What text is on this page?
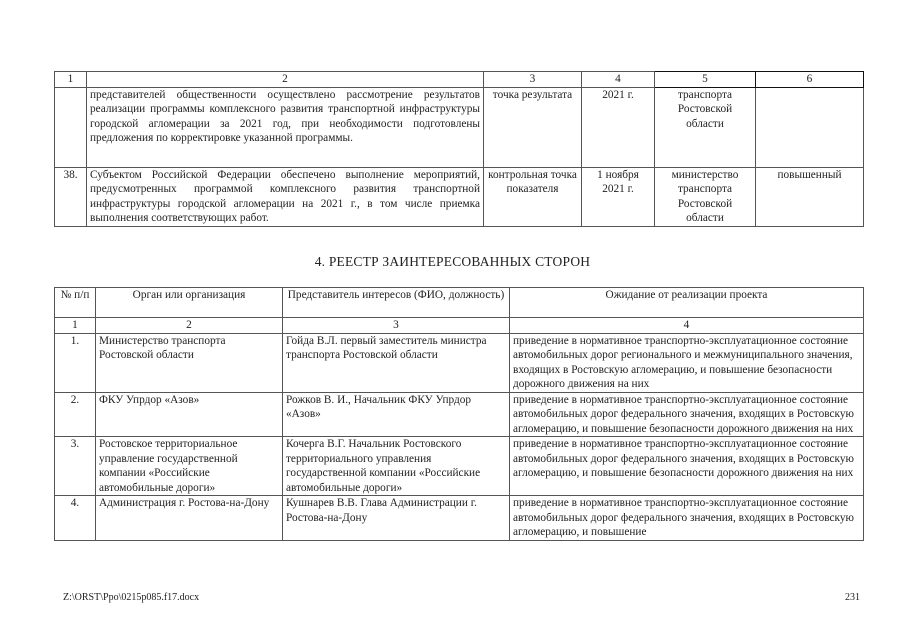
1	2	3	4	5	6
	представителей общественности осуществлено рассмотрение результатов реализации программы комплексного развития транспортной инфраструктуры городской агломерации за 2021 год, при необходимости подготовлены предложения по корректировке указанной программы.	точка результата	2021 г.	транспорта Ростовской области	
38.	Субъектом Российской Федерации обеспечено выполнение мероприятий, предусмотренных программой комплексного развития транспортной инфраструктуры городской агломерации на 2021 г., в том числе приемка выполнения соответствующих работ.	контрольная точка показателя	1 ноября 2021 г.	министерство транспорта Ростовской области	повышенный
4. РЕЕСТР ЗАИНТЕРЕСОВАННЫХ СТОРОН
№ п/п	Орган или организация	Представитель интересов (ФИО, должность)	Ожидание от реализации проекта
1	2	3	4
1.	Министерство транспорта Ростовской области	Гойда В.Л. первый заместитель министра транспорта Ростовской области	приведение в нормативное транспортно-эксплуатационное состояние автомобильных дорог регионального и межмуниципального значения, входящих в Ростовскую агломерацию, и повышение безопасности дорожного движения на них
2.	ФКУ Упрдор «Азов»	Рожков В. И., Начальник ФКУ Упрдор «Азов»	приведение в нормативное транспортно-эксплуатационное состояние автомобильных дорог федерального значения, входящих в Ростовскую агломерацию, и повышение безопасности дорожного движения на них
3.	Ростовское территориальное управление государственной компании «Российские автомобильные дороги»	Кочерга В.Г. Начальник Ростовского территориального управления государственной компании «Российские автомобильные дороги»	приведение в нормативное транспортно-эксплуатационное состояние автомобильных дорог федерального значения, входящих в Ростовскую агломерацию, и повышение безопасности дорожного движения на них
4.	Администрация г. Ростова-на-Дону	Кушнарев В.В. Глава Администрации г. Ростова-на-Дону	приведение в нормативное транспортно-эксплуатационное состояние автомобильных дорог федерального значения, входящих в Ростовскую агломерацию, и повышение
Z:\ORST\Ppo\0215p085.f17.docx	231
